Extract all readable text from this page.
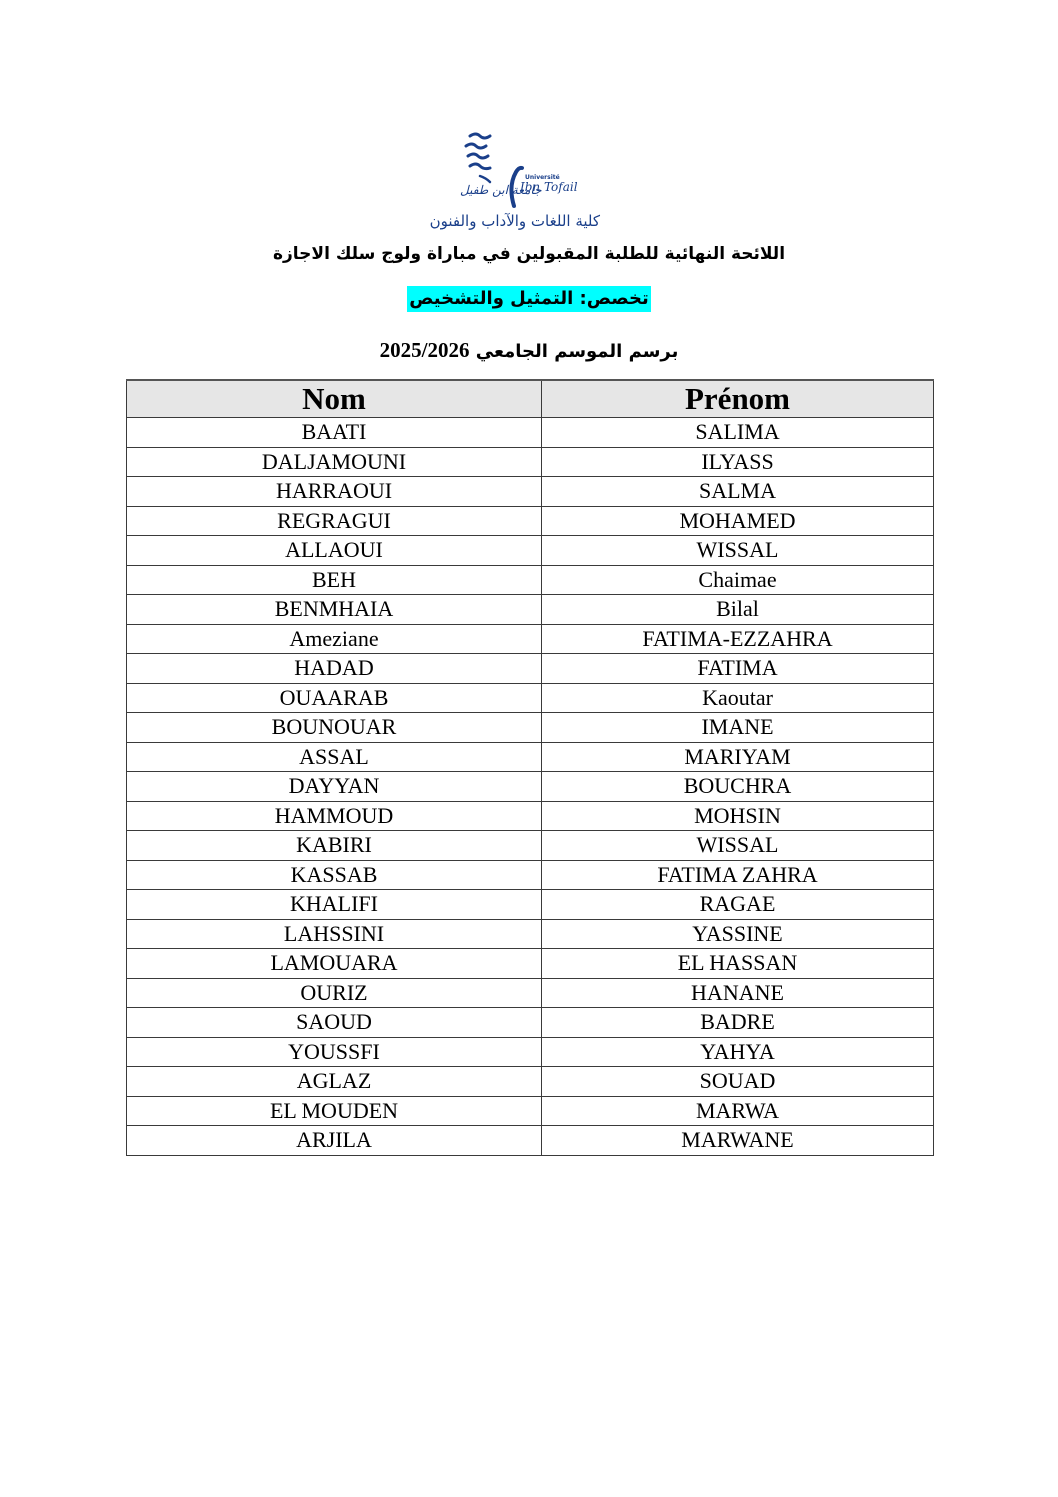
Université
جامعة ابن طفيل
Ibn Tofail
كلية اللغات والآداب والفنون
اللائحة النهائية للطلبة المقبولين في مباراة ولوج سلك الاجازة
تخصص: التمثيل والتشخيص
برسم الموسم الجامعي 2025/2026
Nom	Prénom
BAATI	SALIMA
DALJAMOUNI	ILYASS
HARRAOUI	SALMA
REGRAGUI	MOHAMED
ALLAOUI	WISSAL
BEH	Chaimae
BENMHAIA	Bilal
Ameziane	FATIMA-EZZAHRA
HADAD	FATIMA
OUAARAB	Kaoutar
BOUNOUAR	IMANE
ASSAL	MARIYAM
DAYYAN	BOUCHRA
HAMMOUD	MOHSIN
KABIRI	WISSAL
KASSAB	FATIMA ZAHRA
KHALIFI	RAGAE
LAHSSINI	YASSINE
LAMOUARA	EL HASSAN
OURIZ	HANANE
SAOUD	BADRE
YOUSSFI	YAHYA
AGLAZ	SOUAD
EL MOUDEN	MARWA
ARJILA	MARWANE
